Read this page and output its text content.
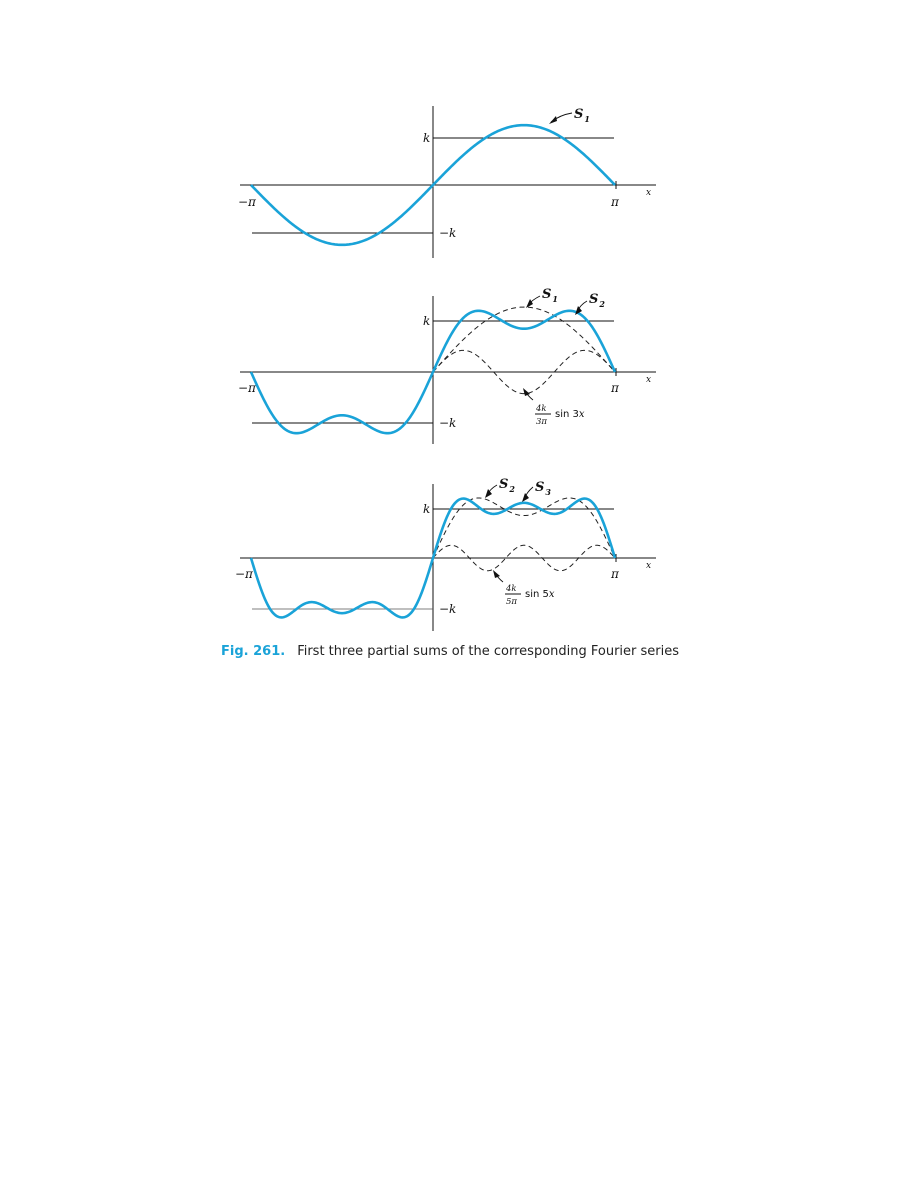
k
−k
−π	π
x
$S_1$
k
−k
−π	π
x
$S_1$ $S_2$
4k
3π
sin 3x
k
−k
−π	π
x
$S_2$ $S_3$
4k
5π
sin 5x
Fig. 261. First three partial sums of the corresponding Fourier series
